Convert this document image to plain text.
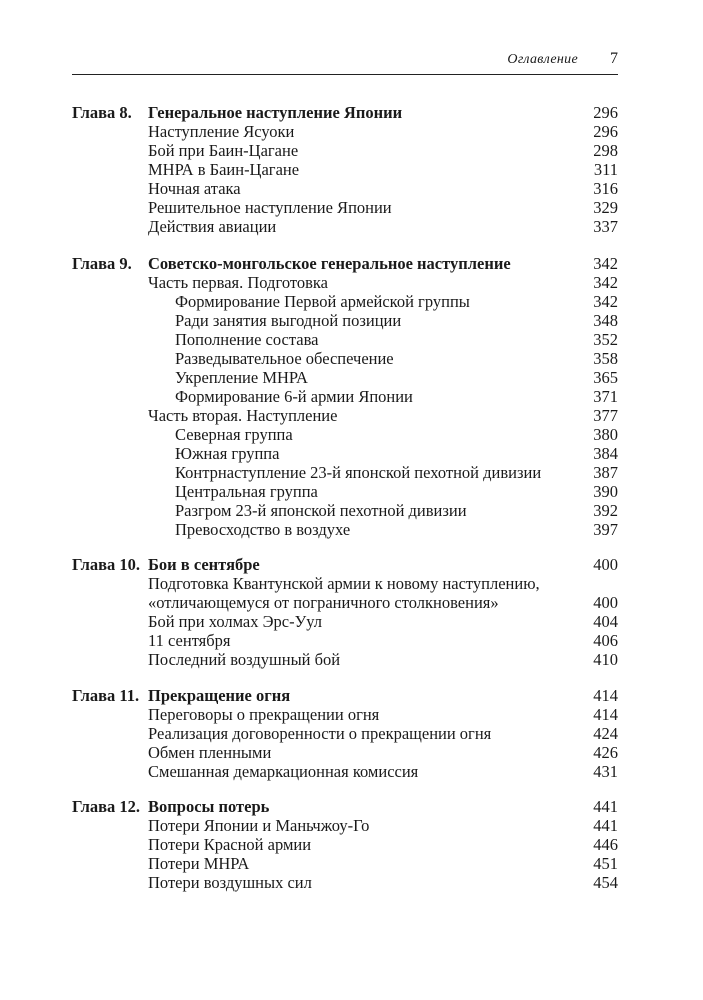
Оглавление 7
Глава 8. Генеральное наступление Японии	296
Наступление Ясуоки	296
Бой при Баин-Цагане	298
МНРА в Баин-Цагане	311
Ночная атака	316
Решительное наступление Японии	329
Действия авиации	337
Глава 9. Советско-монгольское генеральное наступление	342
Часть первая. Подготовка	342
Формирование Первой армейской группы	342
Ради занятия выгодной позиции	348
Пополнение состава	352
Разведывательное обеспечение	358
Укрепление МНРА	365
Формирование 6-й армии Японии	371
Часть вторая. Наступление	377
Северная группа	380
Южная группа	384
Контрнаступление 23-й японской пехотной дивизии	387
Центральная группа	390
Разгром 23-й японской пехотной дивизии	392
Превосходство в воздухе	397
Глава 10. Бои в сентябре	400
Подготовка Квантунской армии к новому наступлению,
«отличающемуся от пограничного столкновения»	400
Бой при холмах Эрс-Уул	404
11 сентября	406
Последний воздушный бой	410
Глава 11. Прекращение огня	414
Переговоры о прекращении огня	414
Реализация договоренности о прекращении огня	424
Обмен пленными	426
Смешанная демаркационная комиссия	431
Глава 12. Вопросы потерь	441
Потери Японии и Маньчжоу-Го	441
Потери Красной армии	446
Потери МНРА	451
Потери воздушных сил	454
